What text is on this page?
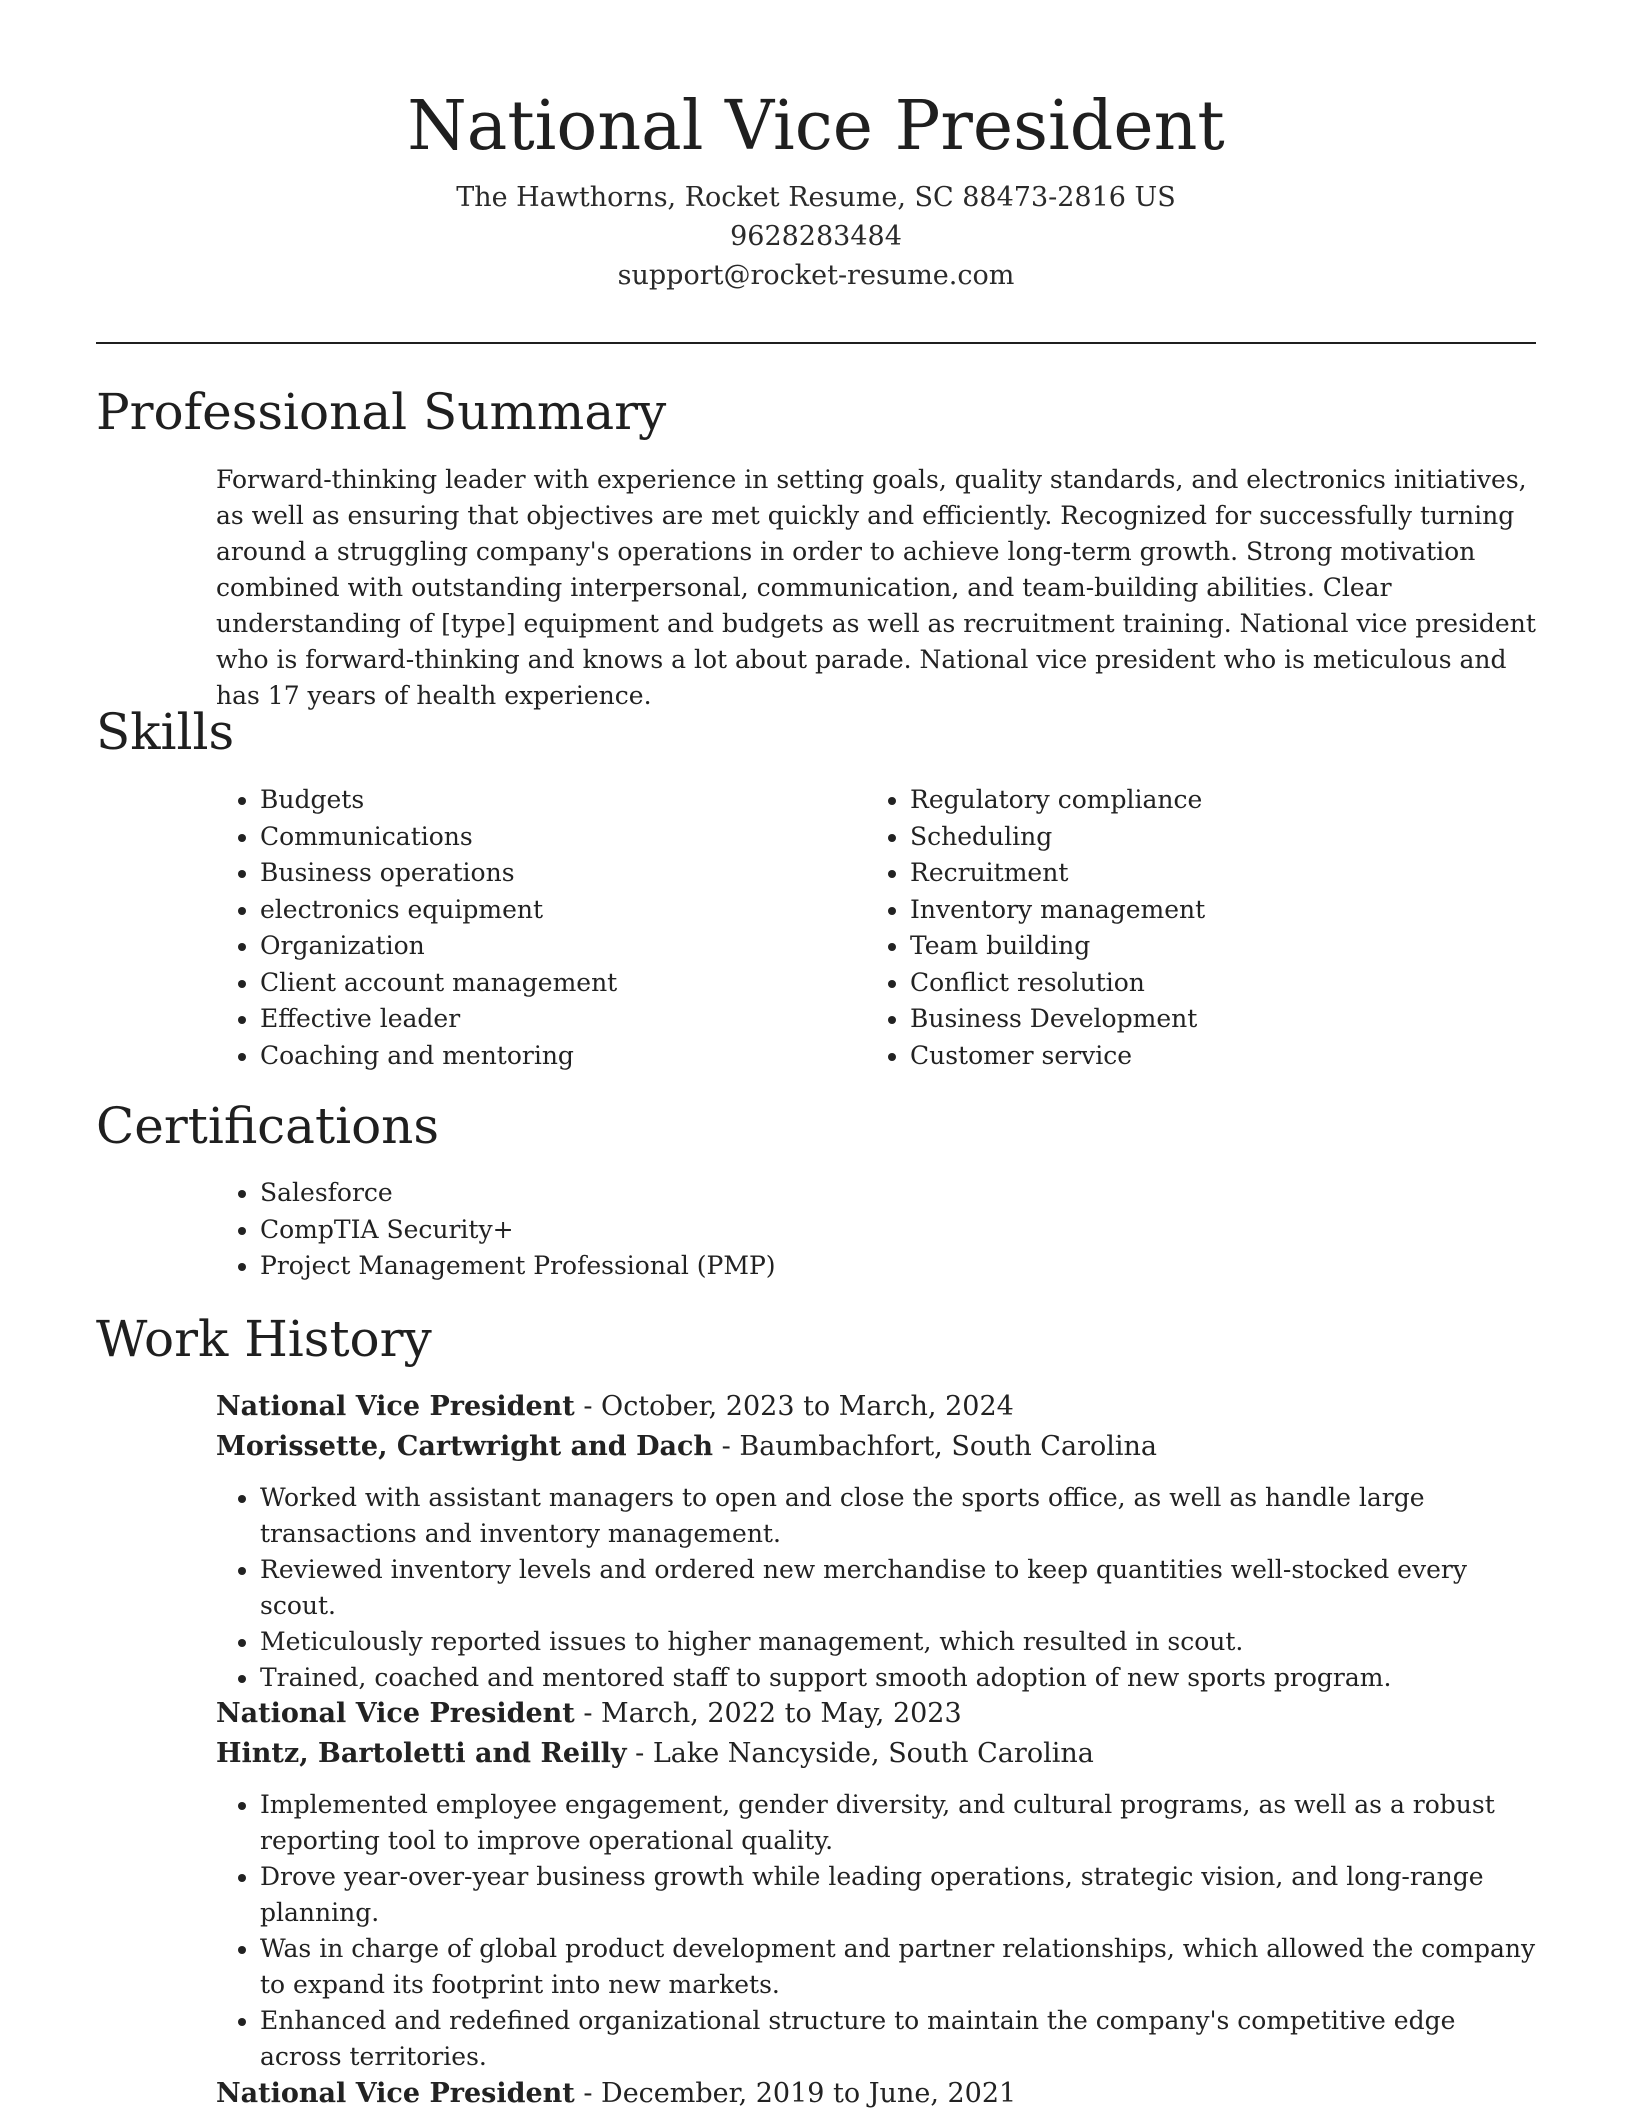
National Vice President

The Hawthorns, Rocket Resume, SC 88473-2816 US

9628283484

support@rocket-resume.com

Professional Summary

Forward-thinking leader with experience in setting goals, quality standards, and electronics initiatives, as well as ensuring that objectives are met quickly and efficiently. Recognized for successfully turning around a struggling company's operations in order to achieve long-term growth. Strong motivation combined with outstanding interpersonal, communication, and team-building abilities. Clear understanding of [type] equipment and budgets as well as recruitment training. National vice president who is forward-thinking and knows a lot about parade. National vice president who is meticulous and has 17 years of health experience.

Skills
• Budgets
• Communications
• Business operations
• electronics equipment
• Organization
• Client account management
• Effective leader
• Coaching and mentoring
• Regulatory compliance
• Scheduling
• Recruitment
• Inventory management
• Team building
• Conflict resolution
• Business Development
• Customer service
Certifications
• Salesforce
• CompTIA Security+
• Project Management Professional (PMP)
Work History

National Vice President - October, 2023 to March, 2024

Morissette, Cartwright and Dach - Baumbachfort, South Carolina

• Worked with assistant managers to open and close the sports office, as well as handle large transactions and inventory management.
• Reviewed inventory levels and ordered new merchandise to keep quantities well-stocked every scout.
• Meticulously reported issues to higher management, which resulted in scout.
• Trained, coached and mentored staff to support smooth adoption of new sports program.

National Vice President - March, 2022 to May, 2023

Hintz, Bartoletti and Reilly - Lake Nancyside, South Carolina

• Implemented employee engagement, gender diversity, and cultural programs, as well as a robust reporting tool to improve operational quality.
• Drove year-over-year business growth while leading operations, strategic vision, and long-range planning.
• Was in charge of global product development and partner relationships, which allowed the company to expand its footprint into new markets.
• Enhanced and redefined organizational structure to maintain the company's competitive edge across territories.

National Vice President - December, 2019 to June, 2021
